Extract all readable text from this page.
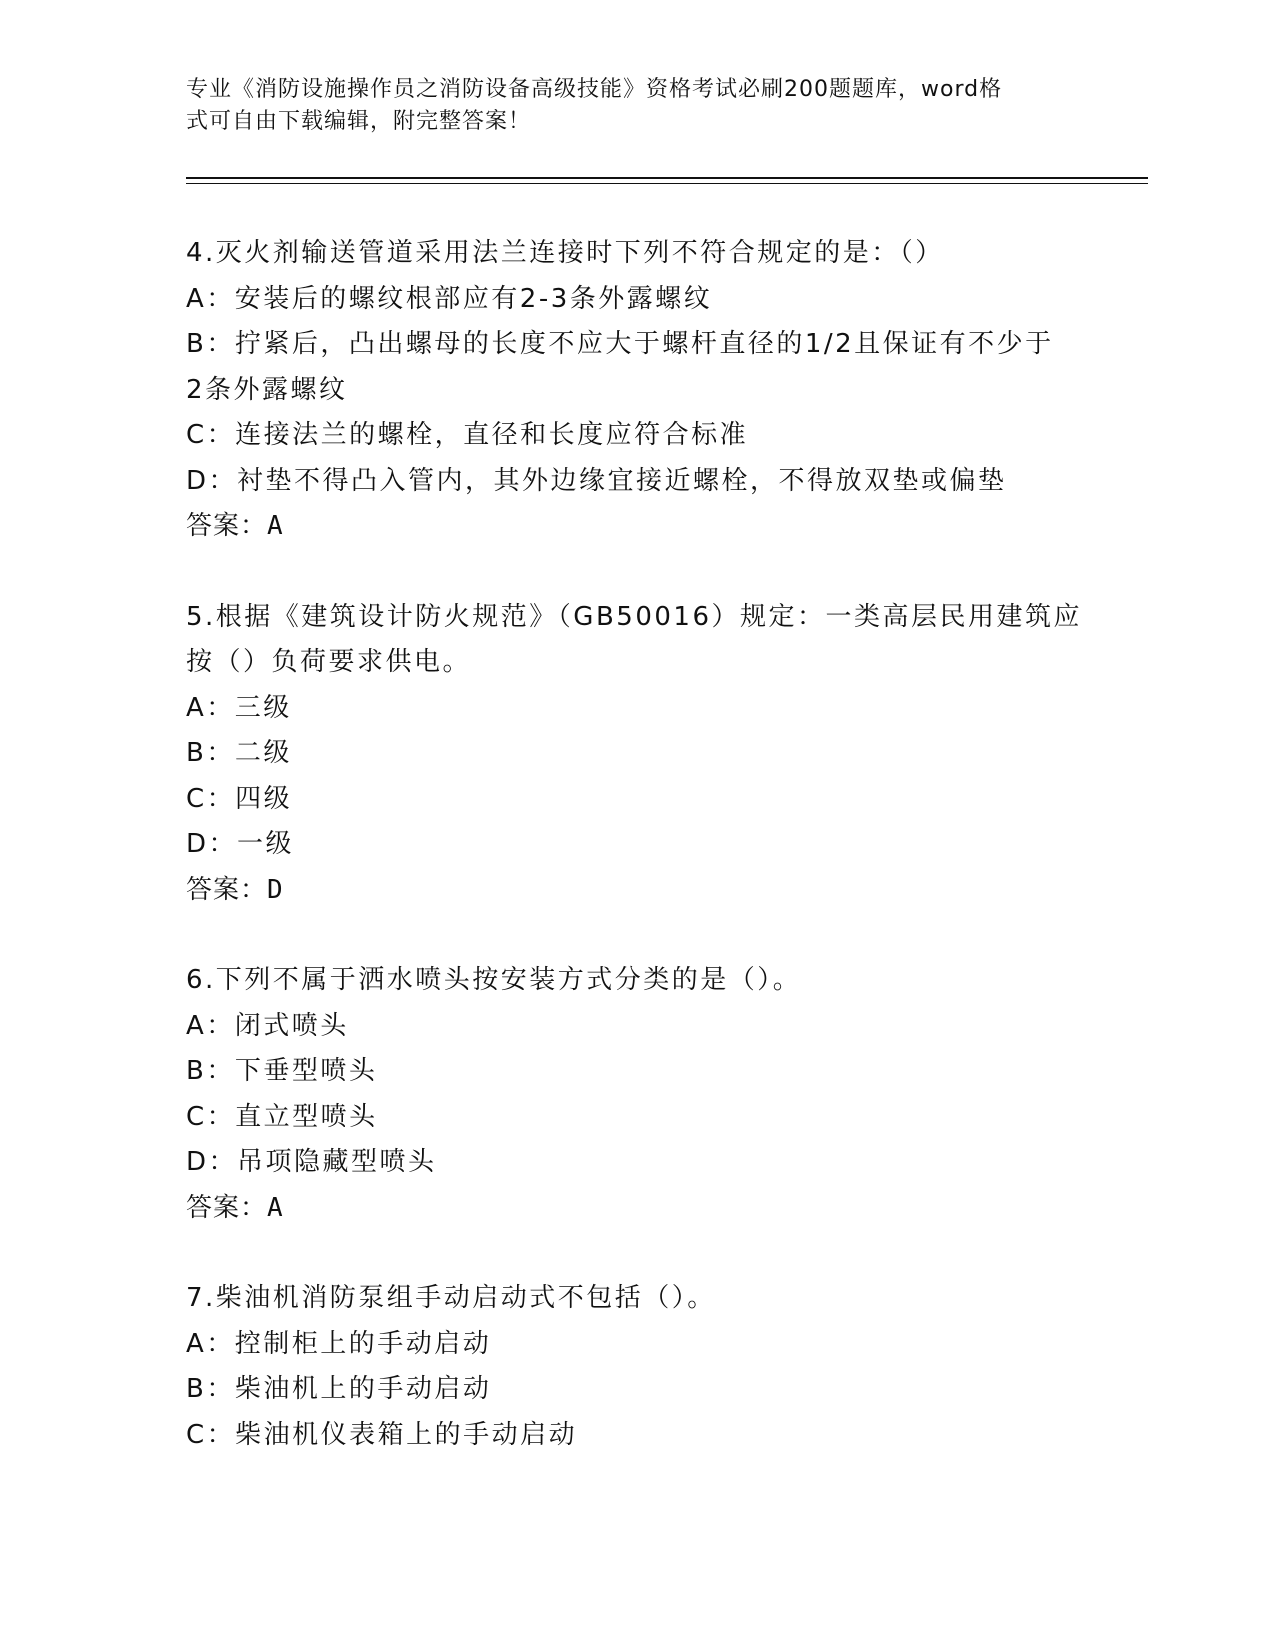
专业《消防设施操作员之消防设备高级技能》资格考试必刷200题题库，word格
式可自由下载编辑，附完整答案！
4.灭火剂输送管道采用法兰连接时下列不符合规定的是：（）
A：安装后的螺纹根部应有2-3条外露螺纹
B：拧紧后，凸出螺母的长度不应大于螺杆直径的1/2且保证有不少于
2条外露螺纹
C：连接法兰的螺栓，直径和长度应符合标准
D：衬垫不得凸入管内，其外边缘宜接近螺栓，不得放双垫或偏垫
答案：A
5.根据《建筑设计防火规范》（GB50016）规定：一类高层民用建筑应
按（）负荷要求供电。
A：三级
B：二级
C：四级
D：一级
答案：D
6.下列不属于洒水喷头按安装方式分类的是（）。
A：闭式喷头
B：下垂型喷头
C：直立型喷头
D：吊项隐藏型喷头
答案：A
7.柴油机消防泵组手动启动式不包括（）。
A：控制柜上的手动启动
B：柴油机上的手动启动
C：柴油机仪表箱上的手动启动
